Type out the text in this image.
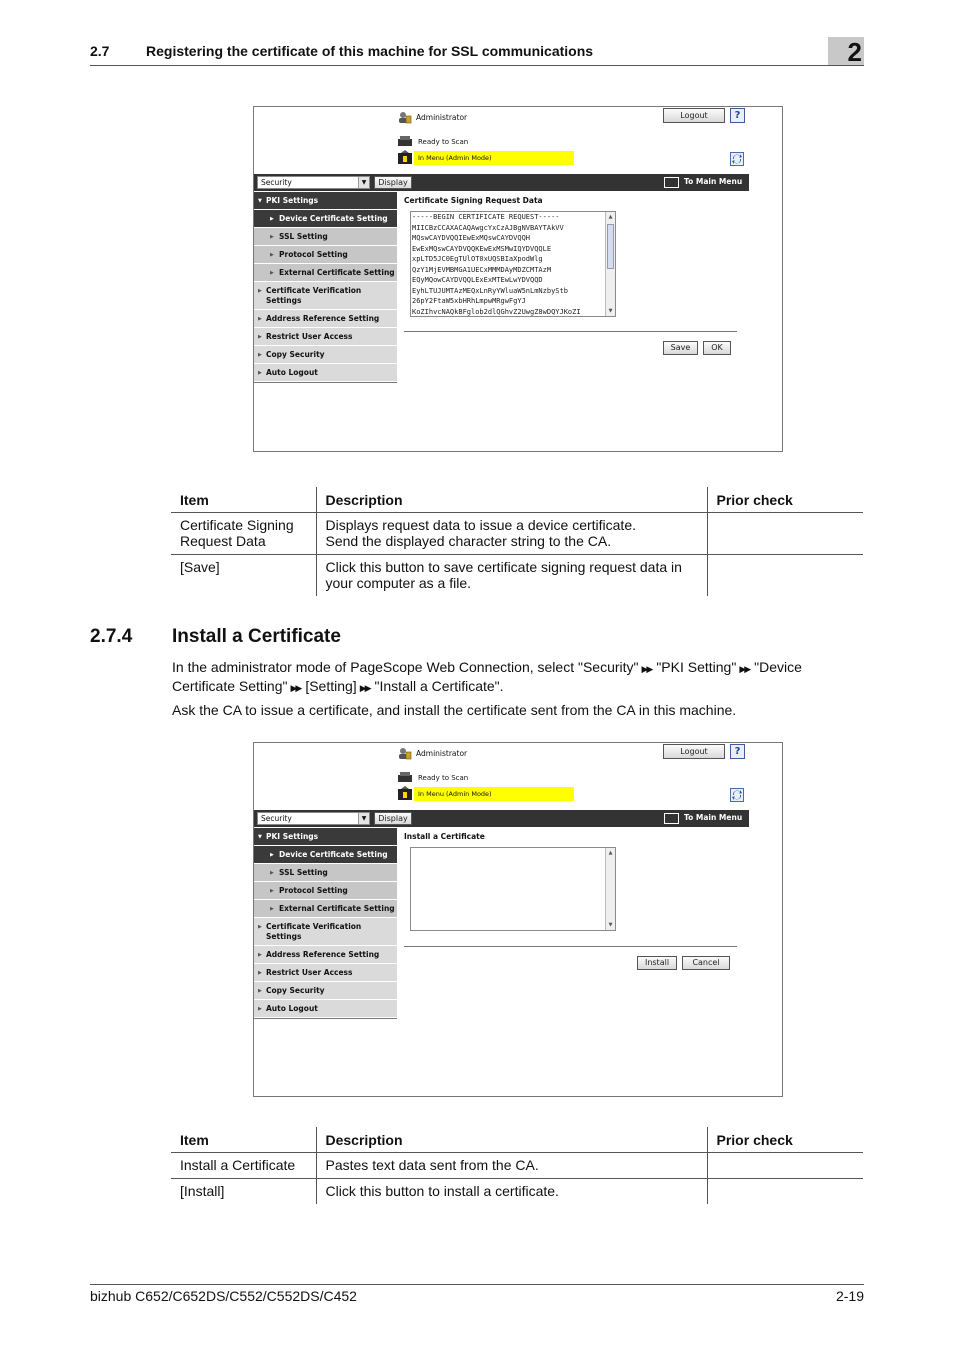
2.7	Registering the certificate of this machine for SSL communications	2
Administrator	Logout	?
Ready to Scan
In Menu (Admin Mode)
Security	▼	Display	To Main Menu
▼ PKI Settings
▶ Device Certificate Setting
▶ SSL Setting
▶ Protocol Setting
▶ External Certificate Setting
▶ Certificate Verification Settings
▶ Address Reference Setting
▶ Restrict User Access
▶ Copy Security
▶ Auto Logout
Certificate Signing Request Data
-----BEGIN CERTIFICATE REQUEST-----
MIICBzCCAXACAQAwgcYxCzAJBgNVBAYTAkVV
MQswCAYDVQQIEwExMQswCAYDVQQH
EwExMQswCAYDVQQKEwExMSMwIQYDVQQLE
xpLTD5JC0EgTUlOT0xUQSBIaXpodWlg
QzY1MjEVMBMGA1UECxMMMDAyMDZCMTAzM
EQyMQowCAYDVQQLExExMTEwLwYDVQQD
EyhLTUJUMTAzMEQxLnRyYWluaW5nLmNzbyStb
26pY2FtaW5xbHRhLmpwMRgwFgYJ
KoZIhvcNAQkBFglob2dlQGhvZ2UwgZ8wDQYJKoZI
▲
▼
Save	OK
Item	Description	Prior check
Certificate Signing
Request Data	Displays request data to issue a device certificate.
Send the displayed character string to the CA.	
[Save]	Click this button to save certificate signing request data in
your computer as a file.	
2.7.4 Install a Certificate
In the administrator mode of PageScope Web Connection, select "Security" ▶▶ "PKI Setting" ▶▶ "Device
Certificate Setting" ▶▶ [Setting] ▶▶ "Install a Certificate".
Ask the CA to issue a certificate, and install the certificate sent from the CA in this machine.
Administrator	Logout	?
Ready to Scan
In Menu (Admin Mode)
Security	▼	Display	To Main Menu
▼ PKI Settings
▶ Device Certificate Setting
▶ SSL Setting
▶ Protocol Setting
▶ External Certificate Setting
▶ Certificate Verification Settings
▶ Address Reference Setting
▶ Restrict User Access
▶ Copy Security
▶ Auto Logout
Install a Certificate
▲
▼
Install	Cancel
Item	Description	Prior check
Install a Certificate	Pastes text data sent from the CA.	
[Install]	Click this button to install a certificate.	
bizhub C652/C652DS/C552/C552DS/C452	2-19
